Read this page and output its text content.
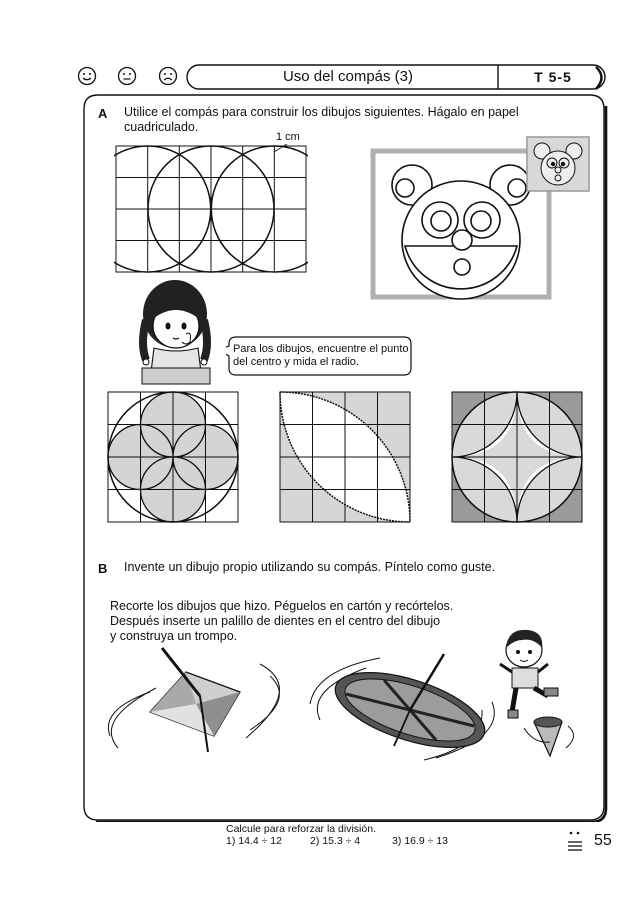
Uso del compás (3)	T 5-5
A Utilice el compás para construir los dibujos siguientes. Hágalo en papel
cuadriculado.
1 cm
Para los dibujos, encuentre el punto
del centro y mida el radio.
B Invente un dibujo propio utilizando su compás. Píntelo como guste.
Recorte los dibujos que hizo. Péguelos en cartón y recórtelos.
Después inserte un palillo de dientes en el centro del dibujo
y construya un trompo.
Calcule para reforzar la división.
1) 14.4 ÷ 12	2) 15.3 ÷ 4	3) 16.9 ÷ 13	55
